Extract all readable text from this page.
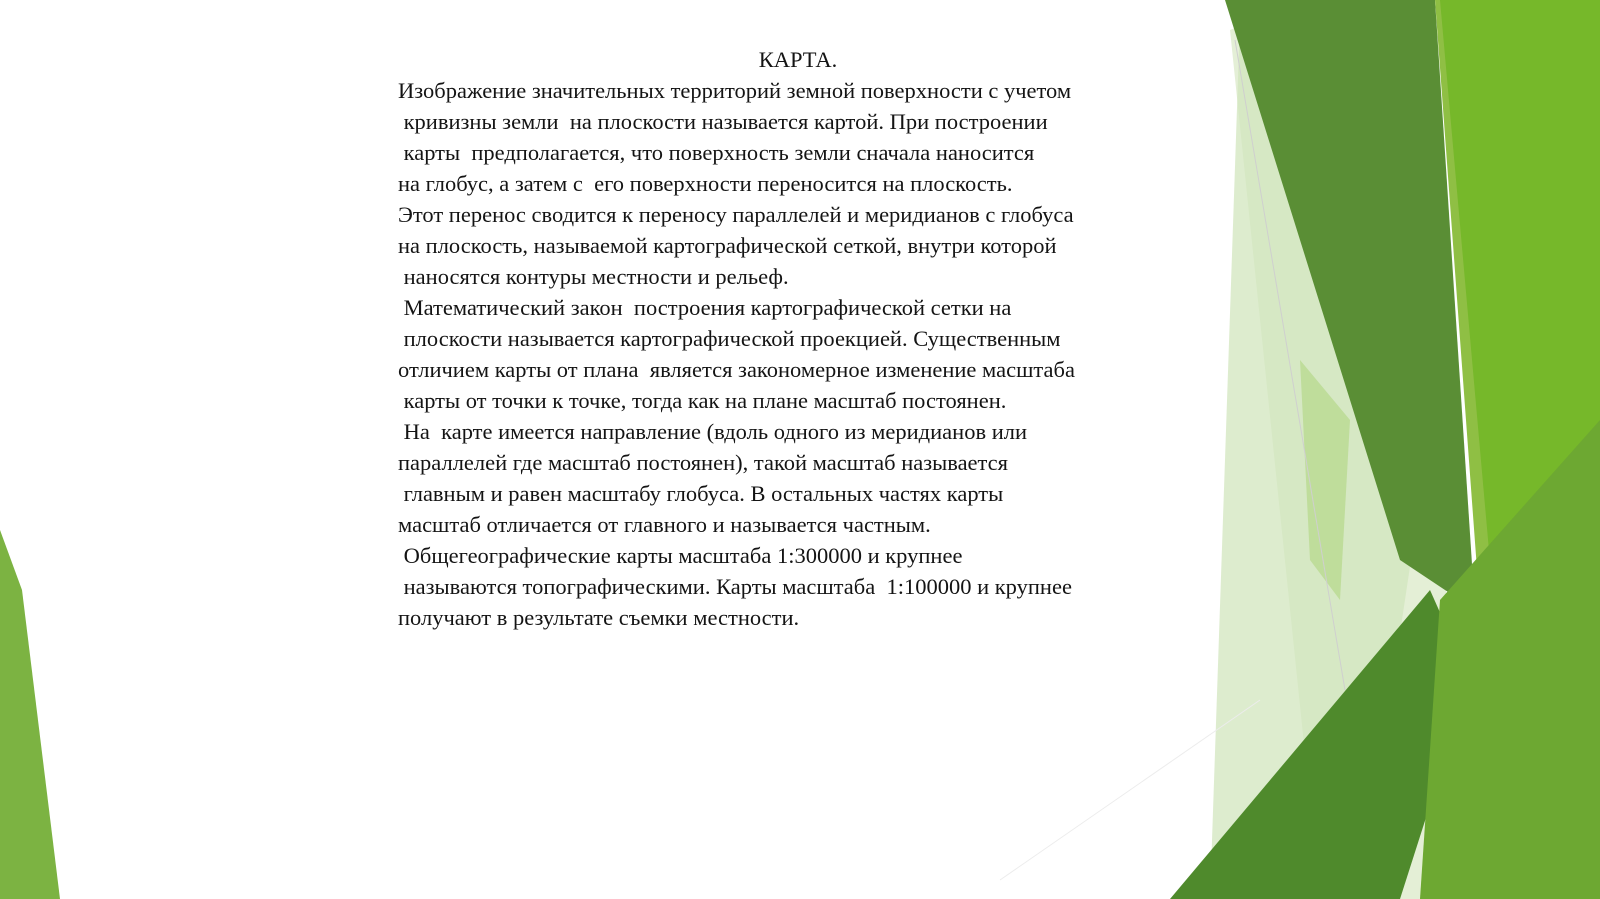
КАРТА.
Изображение значительных территорий земной поверхности с учетом
кривизны земли  на плоскости называется картой. При построении
карты  предполагается, что поверхность земли сначала наносится
на глобус, а затем с  его поверхности переносится на плоскость.
Этот перенос сводится к переносу параллелей и меридианов с глобуса
на плоскость, называемой картографической сеткой, внутри которой
наносятся контуры местности и рельеф.
Математический закон  построения картографической сетки на
плоскости называется картографической проекцией. Существенным
отличием карты от плана  является закономерное изменение масштаба
карты от точки к точке, тогда как на плане масштаб постоянен.
На  карте имеется направление (вдоль одного из меридианов или
параллелей где масштаб постоянен), такой масштаб называется
главным и равен масштабу глобуса. В остальных частях карты
масштаб отличается от главного и называется частным.
Общегеографические карты масштаба 1:300000 и крупнее
называются топографическими. Карты масштаба  1:100000 и крупнее
получают в результате съемки местности.
